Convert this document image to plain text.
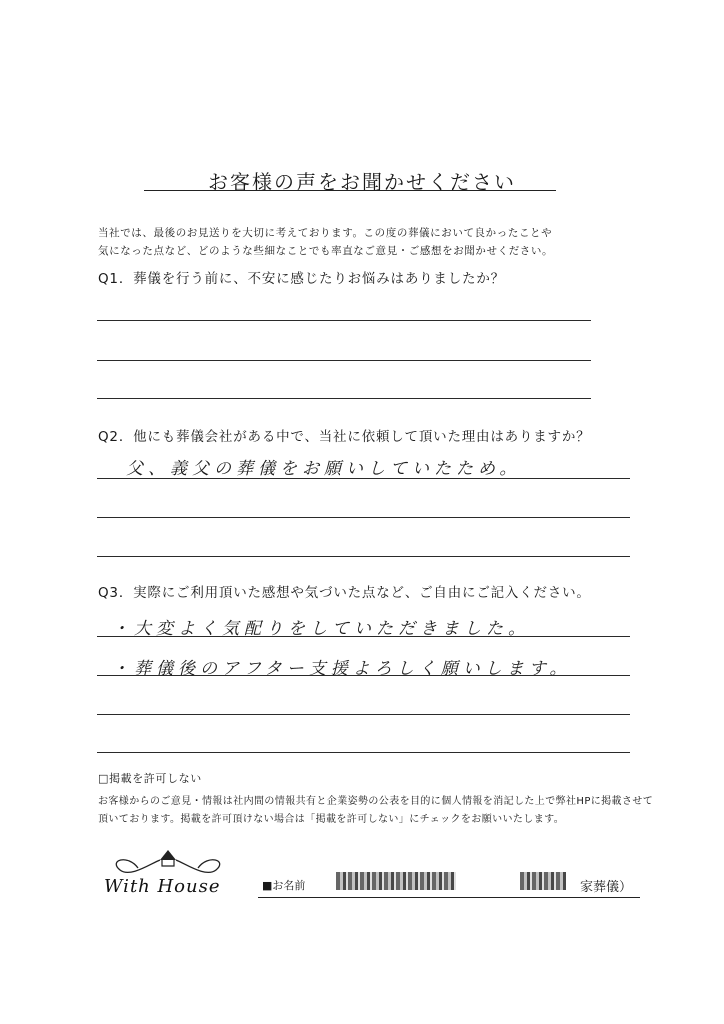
お客様の声をお聞かせください
当社では、最後のお見送りを大切に考えております。この度の葬儀において良かったことや
気になった点など、どのような些細なことでも率直なご意見・ご感想をお聞かせください。
Q1．葬儀を行う前に、不安に感じたりお悩みはありましたか？
Q2．他にも葬儀会社がある中で、当社に依頼して頂いた理由はありますか？
父、義父の葬儀をお願いしていたため。
Q3．実際にご利用頂いた感想や気づいた点など、ご自由にご記入ください。
・大変よく気配りをしていただきました。
・葬儀後のアフター支援よろしく願いします。
□掲載を許可しない
お客様からのご意見・情報は社内間の情報共有と企業姿勢の公表を目的に個人情報を消記した上で弊社HPに掲載させて
頂いております。掲載を許可頂けない場合は「掲載を許可しない」にチェックをお願いいたします。
With House	■お名前	家葬儀）
